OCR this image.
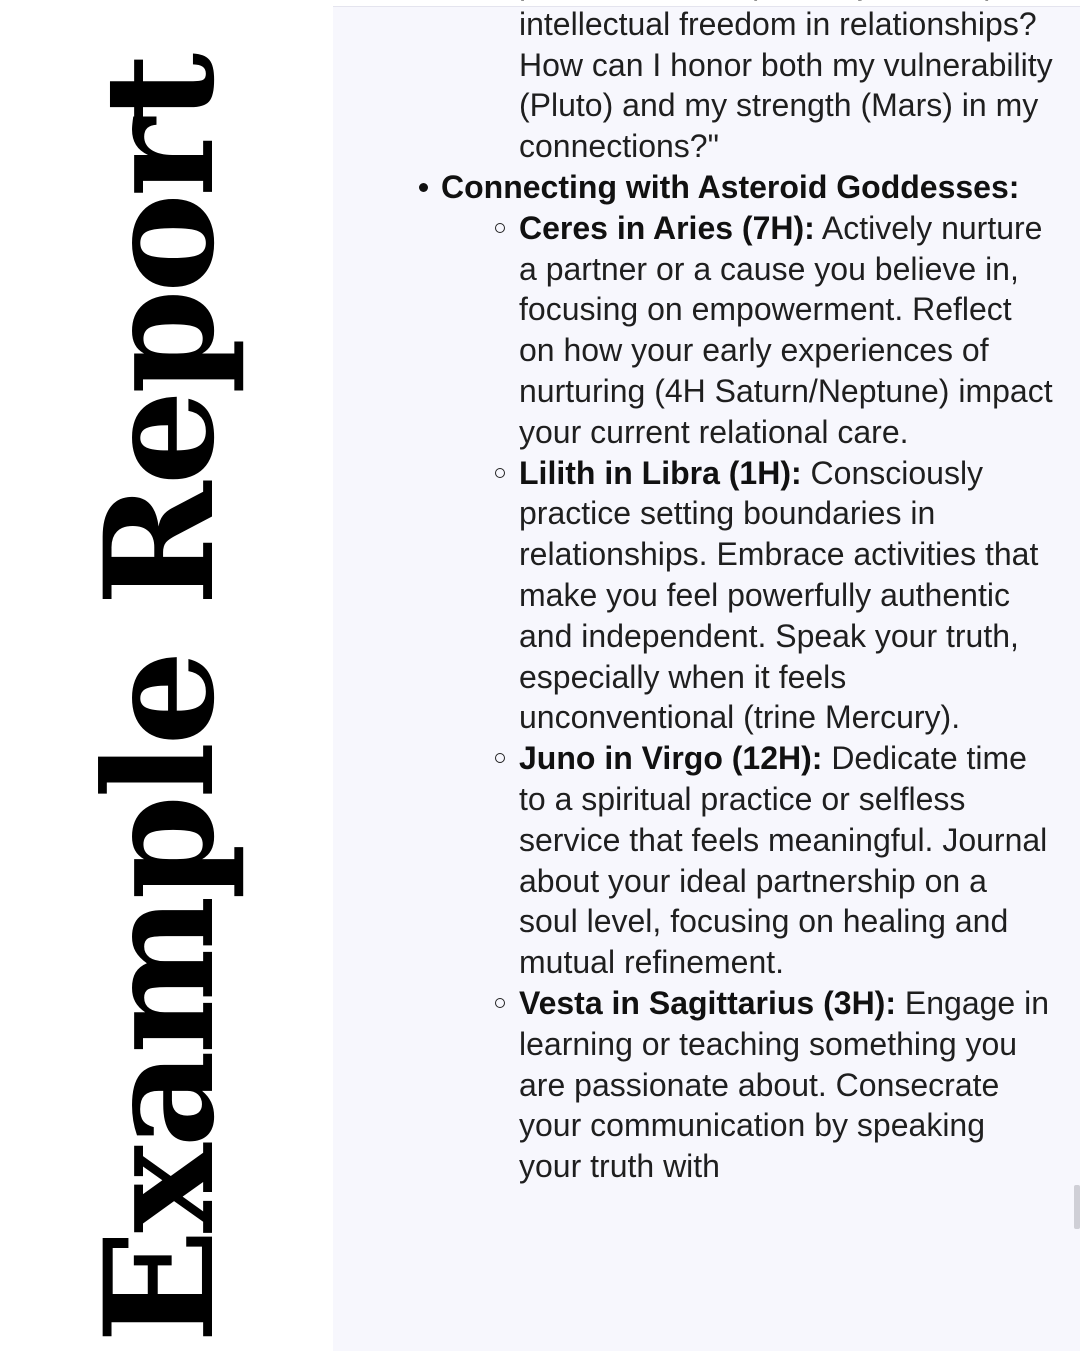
Example Report
intellectual freedom in relationships? How can I honor both my vulnerability (Pluto) and my strength (Mars) in my connections?"
Connecting with Asteroid Goddesses:
Ceres in Aries (7H): Actively nurture a partner or a cause you believe in, focusing on empowerment. Reflect on how your early experiences of nurturing (4H Saturn/Neptune) impact your current relational care.
Lilith in Libra (1H): Consciously practice setting boundaries in relationships. Embrace activities that make you feel powerfully authentic and independent. Speak your truth, especially when it feels unconventional (trine Mercury).
Juno in Virgo (12H): Dedicate time to a spiritual practice or selfless service that feels meaningful. Journal about your ideal partnership on a soul level, focusing on healing and mutual refinement.
Vesta in Sagittarius (3H): Engage in learning or teaching something you are passionate about. Consecrate your communication by speaking your truth with
